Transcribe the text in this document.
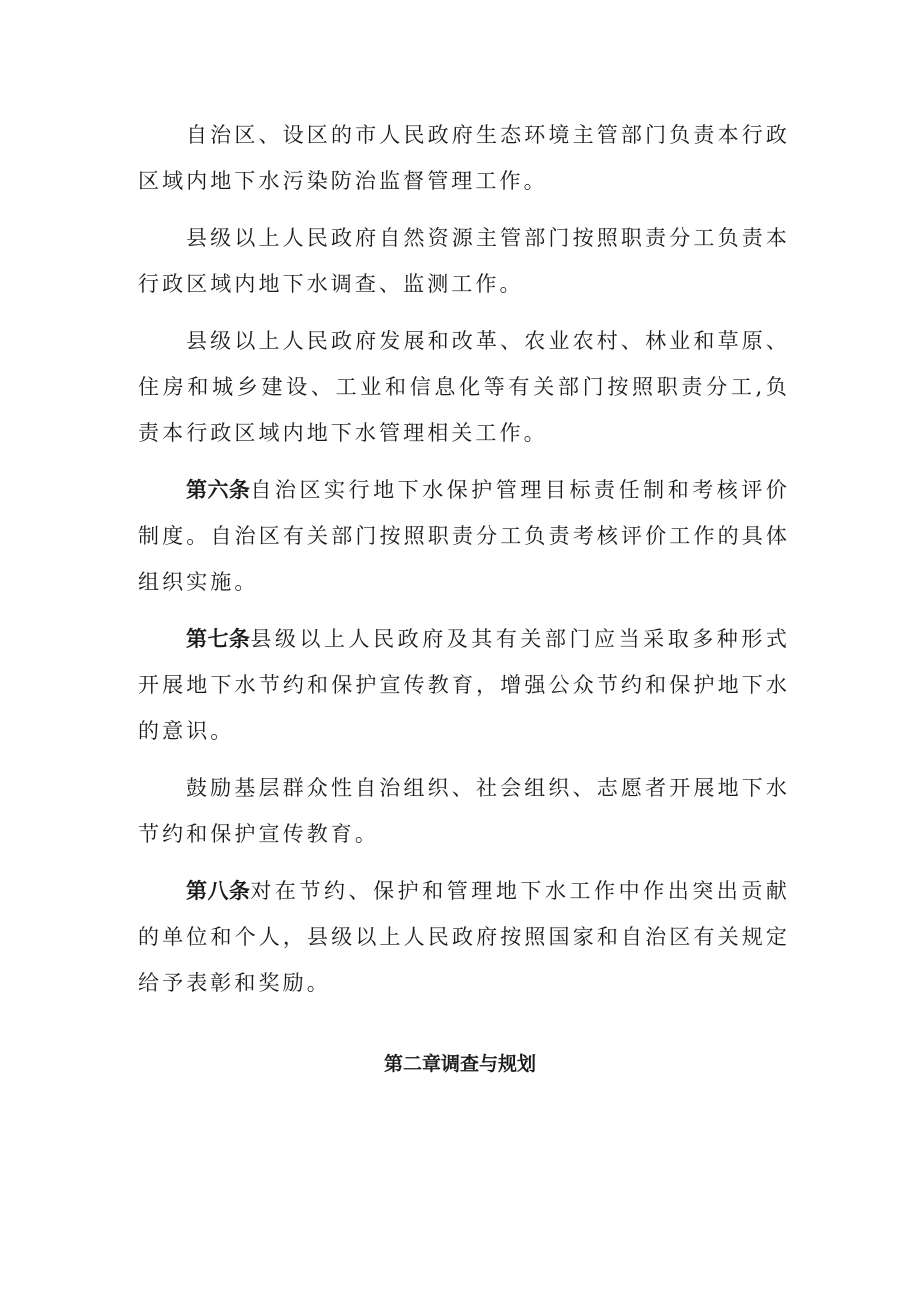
自治区、设区的市人民政府生态环境主管部门负责本行政区域内地下水污染防治监督管理工作。

县级以上人民政府自然资源主管部门按照职责分工负责本行政区域内地下水调查、监测工作。

县级以上人民政府发展和改革、农业农村、林业和草原、住房和城乡建设、工业和信息化等有关部门按照职责分工,负责本行政区域内地下水管理相关工作。

第六条自治区实行地下水保护管理目标责任制和考核评价制度。自治区有关部门按照职责分工负责考核评价工作的具体组织实施。

第七条县级以上人民政府及其有关部门应当采取多种形式开展地下水节约和保护宣传教育，增强公众节约和保护地下水的意识。

鼓励基层群众性自治组织、社会组织、志愿者开展地下水节约和保护宣传教育。

第八条对在节约、保护和管理地下水工作中作出突出贡献的单位和个人，县级以上人民政府按照国家和自治区有关规定给予表彰和奖励。

第二章调查与规划
